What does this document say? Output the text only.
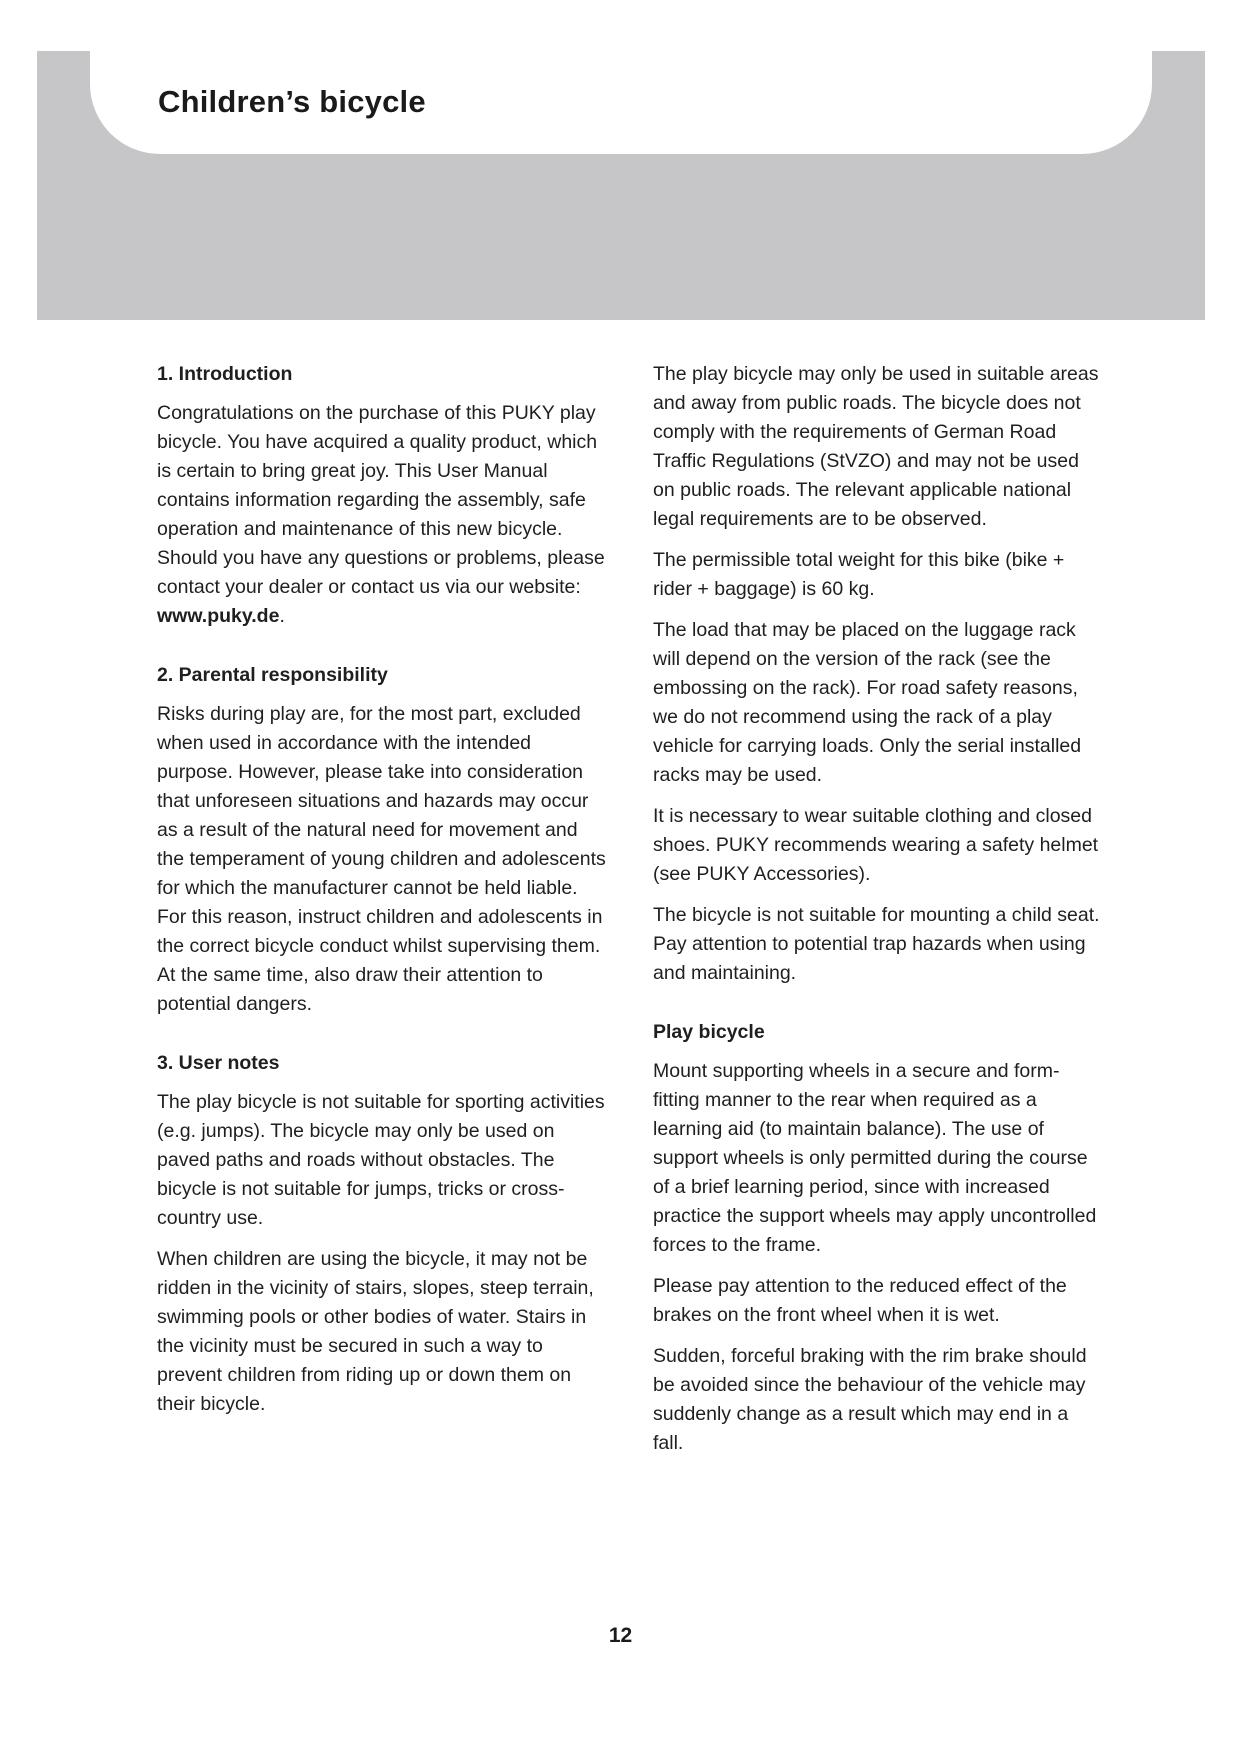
Children’s bicycle
1. Introduction

Congratulations on the purchase of this PUKY play bicycle. You have acquired a quality product, which is certain to bring great joy. This User Manual contains information regarding the assembly, safe operation and maintenance of this new bicycle. Should you have any questions or problems, please contact your dealer or contact us via our website: www.puky.de.

2. Parental responsibility

Risks during play are, for the most part, excluded when used in accordance with the intended purpose. However, please take into consideration that unforeseen situations and hazards may occur as a result of the natural need for movement and the temperament of young children and adolescents for which the manufacturer cannot be held liable. For this reason, instruct children and adolescents in the correct bicycle conduct whilst supervising them. At the same time, also draw their attention to potential dangers.

3. User notes

The play bicycle is not suitable for sporting activities (e.g. jumps). The bicycle may only be used on paved paths and roads without obstacles. The bicycle is not suitable for jumps, tricks or cross-country use.

When children are using the bicycle, it may not be ridden in the vicinity of stairs, slopes, steep terrain, swimming pools or other bodies of water. Stairs in the vicinity must be secured in such a way to prevent children from riding up or down them on their bicycle.

The play bicycle may only be used in suitable areas and away from public roads. The bicycle does not comply with the requirements of German Road Traffic Regulations (StVZO) and may not be used on public roads. The relevant applicable national legal requirements are to be observed.

The permissible total weight for this bike (bike + rider + baggage) is 60 kg.

The load that may be placed on the luggage rack will depend on the version of the rack (see the embossing on the rack). For road safety reasons, we do not recommend using the rack of a play vehicle for carrying loads. Only the serial installed racks may be used.

It is necessary to wear suitable clothing and closed shoes. PUKY recommends wearing a safety helmet (see PUKY Accessories).

The bicycle is not suitable for mounting a child seat. Pay attention to potential trap hazards when using and maintaining.

Play bicycle

Mount supporting wheels in a secure and form-fitting manner to the rear when required as a learning aid (to maintain balance). The use of support wheels is only permitted during the course of a brief learning period, since with increased practice the support wheels may apply uncontrolled forces to the frame.

Please pay attention to the reduced effect of the brakes on the front wheel when it is wet.

Sudden, forceful braking with the rim brake should be avoided since the behaviour of the vehicle may suddenly change as a result which may end in a fall.

12
